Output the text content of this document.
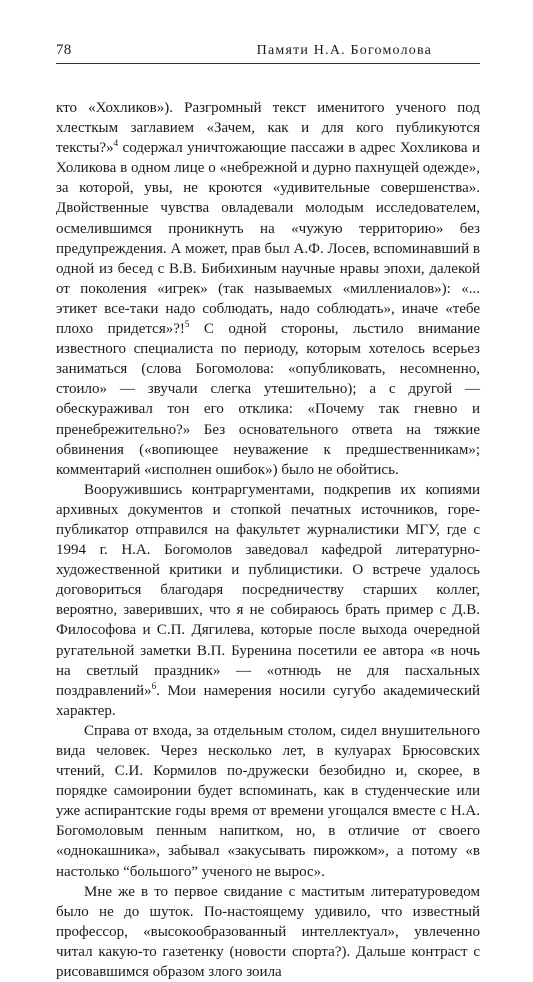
78	Памяти Н.А. Богомолова

кто «Хохликов»). Разгромный текст именитого ученого под хлесткым заглавием «Зачем, как и для кого публикуются тексты?»$^4$ содержал уничтожающие пассажи в адрес Хохликова и Холикова в одном лице о «небрежной и дурно пахнущей одежде», за которой, увы, не кроются «удивительные совершенства». Двойственные чувства овладевали молодым исследователем, осмелившимся проникнуть на «чужую территорию» без предупреждения. А может, прав был А.Ф. Лосев, вспоминавший в одной из бесед с В.В. Бибихиным научные нравы эпохи, далекой от поколения «игрек» (так называемых «миллениалов»): «... этикет все-таки надо соблюдать, надо соблюдать», иначе «тебе плохо придется»?!$^5$ С одной стороны, льстило внимание известного специалиста по периоду, которым хотелось всерьез заниматься (слова Богомолова: «опубликовать, несомненно, стоило» — звучали слегка утешительно); а с другой — обескураживал тон его отклика: «Почему так гневно и пренебрежительно?» Без основательного ответа на тяжкие обвинения («вопиющее неуважение к предшественникам»; комментарий «исполнен ошибок») было не обойтись.

Вооружившись контраргументами, подкрепив их копиями архивных документов и стопкой печатных источников, горе-публикатор отправился на факультет журналистики МГУ, где с 1994 г. Н.А. Богомолов заведовал кафедрой литературно-художественной критики и публицистики. О встрече удалось договориться благодаря посредничеству старших коллег, вероятно, заверивших, что я не собираюсь брать пример с Д.В. Философова и С.П. Дягилева, которые после выхода очередной ругательной заметки В.П. Буренина посетили ее автора «в ночь на светлый праздник» — «отнюдь не для пасхальных поздравлений»$^6$. Мои намерения носили сугубо академический характер.

Справа от входа, за отдельным столом, сидел внушительного вида человек. Через несколько лет, в кулуарах Брюсовских чтений, С.И. Кормилов по-дружески безобидно и, скорее, в порядке самоиронии будет вспоминать, как в студенческие или уже аспирантские годы время от времени угощался вместе с Н.А. Богомоловым пенным напитком, но, в отличие от своего «однокашника», забывал «закусывать пирожком», а потому «в настолько “большого” ученого не вырос».

Мне же в то первое свидание с маститым литературоведом было не до шуток. По-настоящему удивило, что известный профессор, «высокообразованный интеллектуал», увлеченно читал какую-то газетенку (новости спорта?). Дальше контраст с рисовавшимся образом злого зоила
